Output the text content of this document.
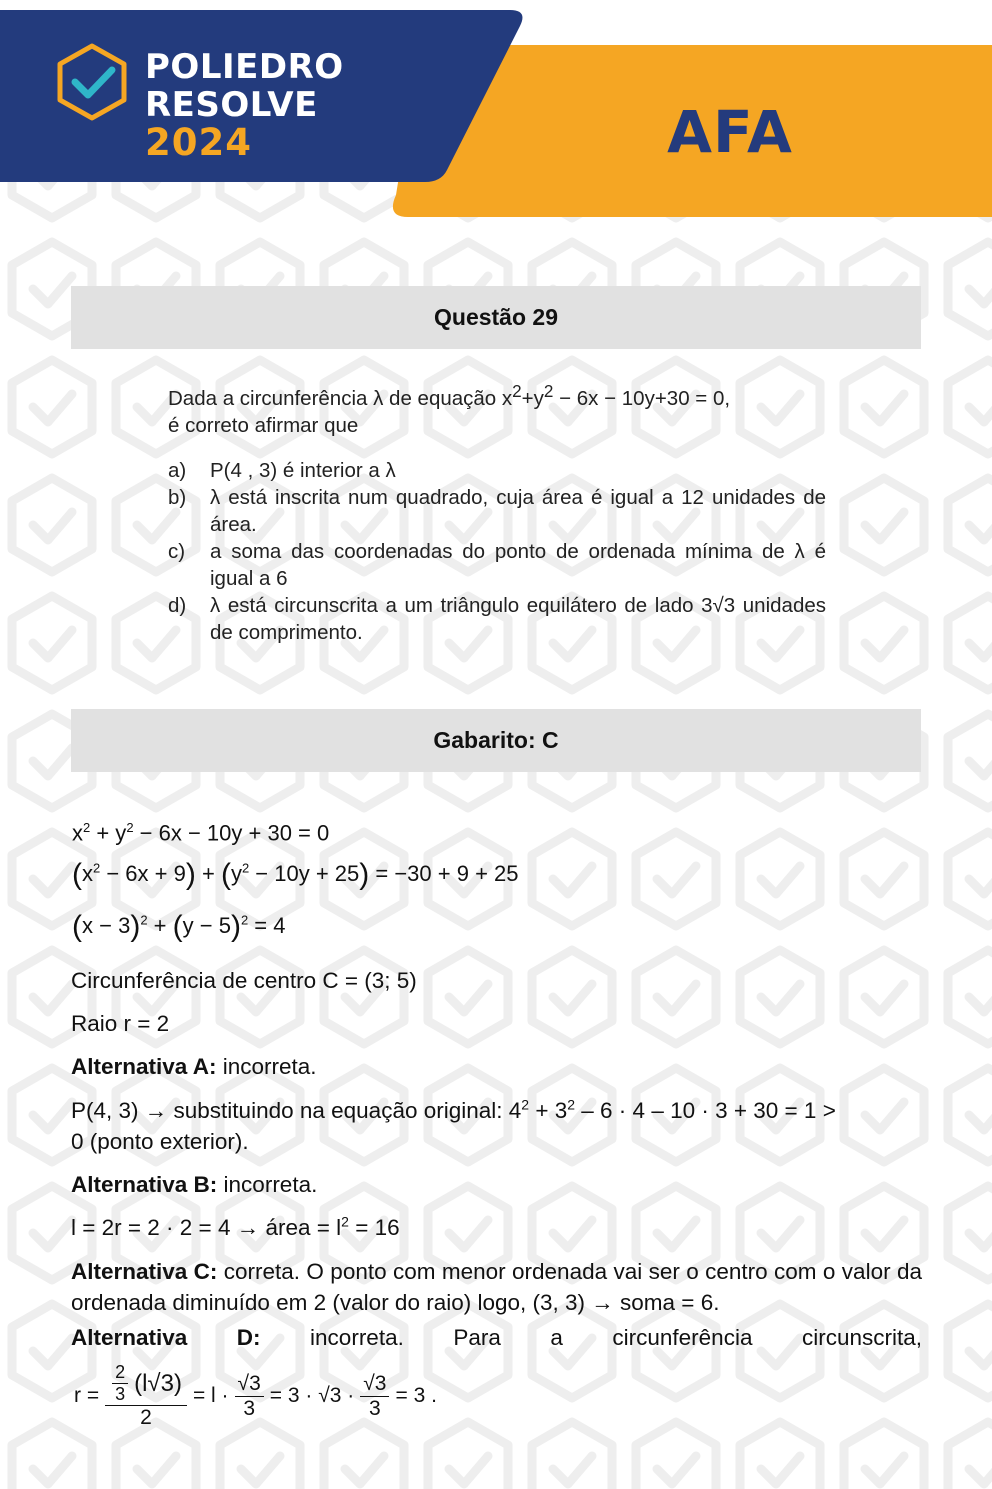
POLIEDRO
RESOLVE
2024	AFA
Questão 29

Dada a circunferência λ de equação $x^2+y^2 - 6x - 10y+30 = 0$,

é correto afirmar que

a)	P(4 , 3) é interior a λ
b)	λ está inscrita num quadrado, cuja área é igual a 12 unidades de área.
c)	a soma das coordenadas do ponto de ordenada mínima de λ é igual a 6
d)	λ está circunscrita a um triângulo equilátero de lado 3√3 unidades de comprimento.
Gabarito: C
$x^2 + y^2 - 6x - 10y + 30 = 0$
$(x^2 - 6x + 9) + (y^2 - 10y + 25) = -30 + 9 + 25$
$(x - 3)^2 + (y - 5)^2 = 4$
Circunferência de centro C = (3; 5)
Raio r = 2
Alternativa A: incorreta.
P(4, 3) → substituindo na equação original: $4^2 + 3^2 - 6 \cdot 4 - 10 \cdot 3 + 30 = 1$ >
0 (ponto exterior).
Alternativa B: incorreta.
l = 2r = 2 · 2 = 4 → área = $l^2 = 16$
Alternativa C: correta. O ponto com menor ordenada vai ser o centro com o valor da ordenada diminuído em 2 (valor do raio) logo, (3, 3) → soma = 6.
Alternativa D: incorreta. Para a circunferência circunscrita,
$r = \frac{\frac{2}{3} (l√3)}{2} = l \cdot \frac{√3}{3} = 3 \cdot √3 \cdot \frac{√3}{3} = 3$ .
